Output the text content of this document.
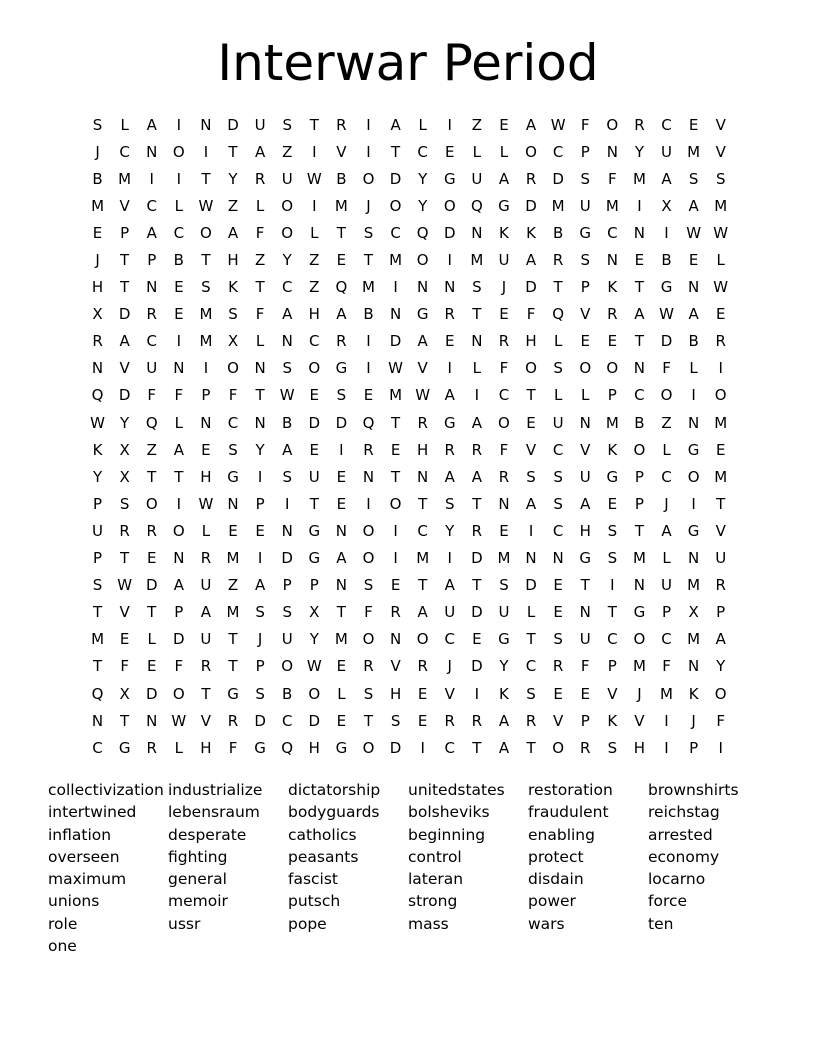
Interwar Period
S	L	A	I	N	D	U	S	T	R	I	A	L	I	Z	E	A W	F	O	R	C	E	V
J	C	N	O	I	T	A	Z	I	V	I	T	C	E	L	L	O	C	P	N	Y	U	M	V
B	M	I	I	T	Y	R	U W B	O	D	Y	G	U	A	R	D	S	F	M	A	S	S
M	V	C	L	W Z	L	O	I	M	J	O	Y	O	Q	G	D M	U	M	I	X	A	M
E	P	A	C	O	A	F	O	L	T	S	C	Q	D	N	K	K	B	G	C	N	I	W W
J	T	P	B	T	H	Z	Y	Z	E	T	M O	I	M	U	A	R	S	N	E	B	E	L
H	T	N	E	S	K	T	C	Z	Q M	I	N	N	S	J	D	T	P	K	T	G	N W
X	D	R	E	M	S	F	A	H	A	B	N	G	R	T	E	F	Q	V	R	A W A	E
R	A	C	I	M	X	L	N	C	R	I	D	A	E	N	R	H	L	E	E	T	D	B	R
N	V	U	N	I	O	N	S	O	G	I	W V	I	L	F	O	S	O	O	N	F	L	I
Q	D	F	F	P	F	T	W E	S	E	M W A	I	C	T	L	L	P	C	O	I	O
W	Y	Q	L	N	C	N	B	D	D	Q	T	R	G	A	O	E	U	N	M	B	Z	N	M
K	X	Z	A	E	S	Y	A	E	I	R	E	H	R	R	F	V	C	V	K	O	L	G	E
Y	X	T	T	H	G	I	S	U	E	N	T	N	A	A	R	S	S	U	G	P	C	O M
P	S	O	I	W N	P	I	T	E	I	O	T	S	T	N	A	S	A	E	P	J	I	T
U	R	R	O	L	E	E	N	G	N	O	I	C	Y	R	E	I	C	H	S	T	A	G	V
P	T	E	N	R	M	I	D	G	A	O	I	M	I	D M	N	N	G	S	M	L	N	U
S W D	A	U	Z	A	P	P	N	S	E	T	A	T	S	D	E	T	I	N	U	M	R
T	V	T	P	A	M	S	S	X	T	F	R	A	U	D	U	L	E	N	T	G	P	X	P
M	E	L	D	U	T	J	U	Y	M O	N	O	C	E	G	T	S	U	C	O	C	M	A
T	F	E	F	R	T	P	O W E	R	V	R	J	D	Y	C	R	F	P	M	F	N	Y
Q	X	D	O	T	G	S	B	O	L	S	H	E	V	I	K	S	E	E	V	J	M	K	O
N	T	N W V	R	D	C	D	E	T	S	E	R	R	A	R	V	P	K	V	I	J	F
C	G	R	L	H	F	G	Q	H	G	O	D	I	C	T	A	T	O	R	S	H	I	P	I
collectivization industrialize	dictatorship	unitedstates	restoration	brownshirts
intertwined	lebensraum	bodyguards	bolsheviks	fraudulent	reichstag
inflation	desperate	catholics	beginning	enabling	arrested
overseen	fighting	peasants	control	protect	economy
maximum	general	fascist	lateran	disdain	locarno
unions	memoir	putsch	strong	power	force
role	ussr	pope	mass	wars	ten
one
